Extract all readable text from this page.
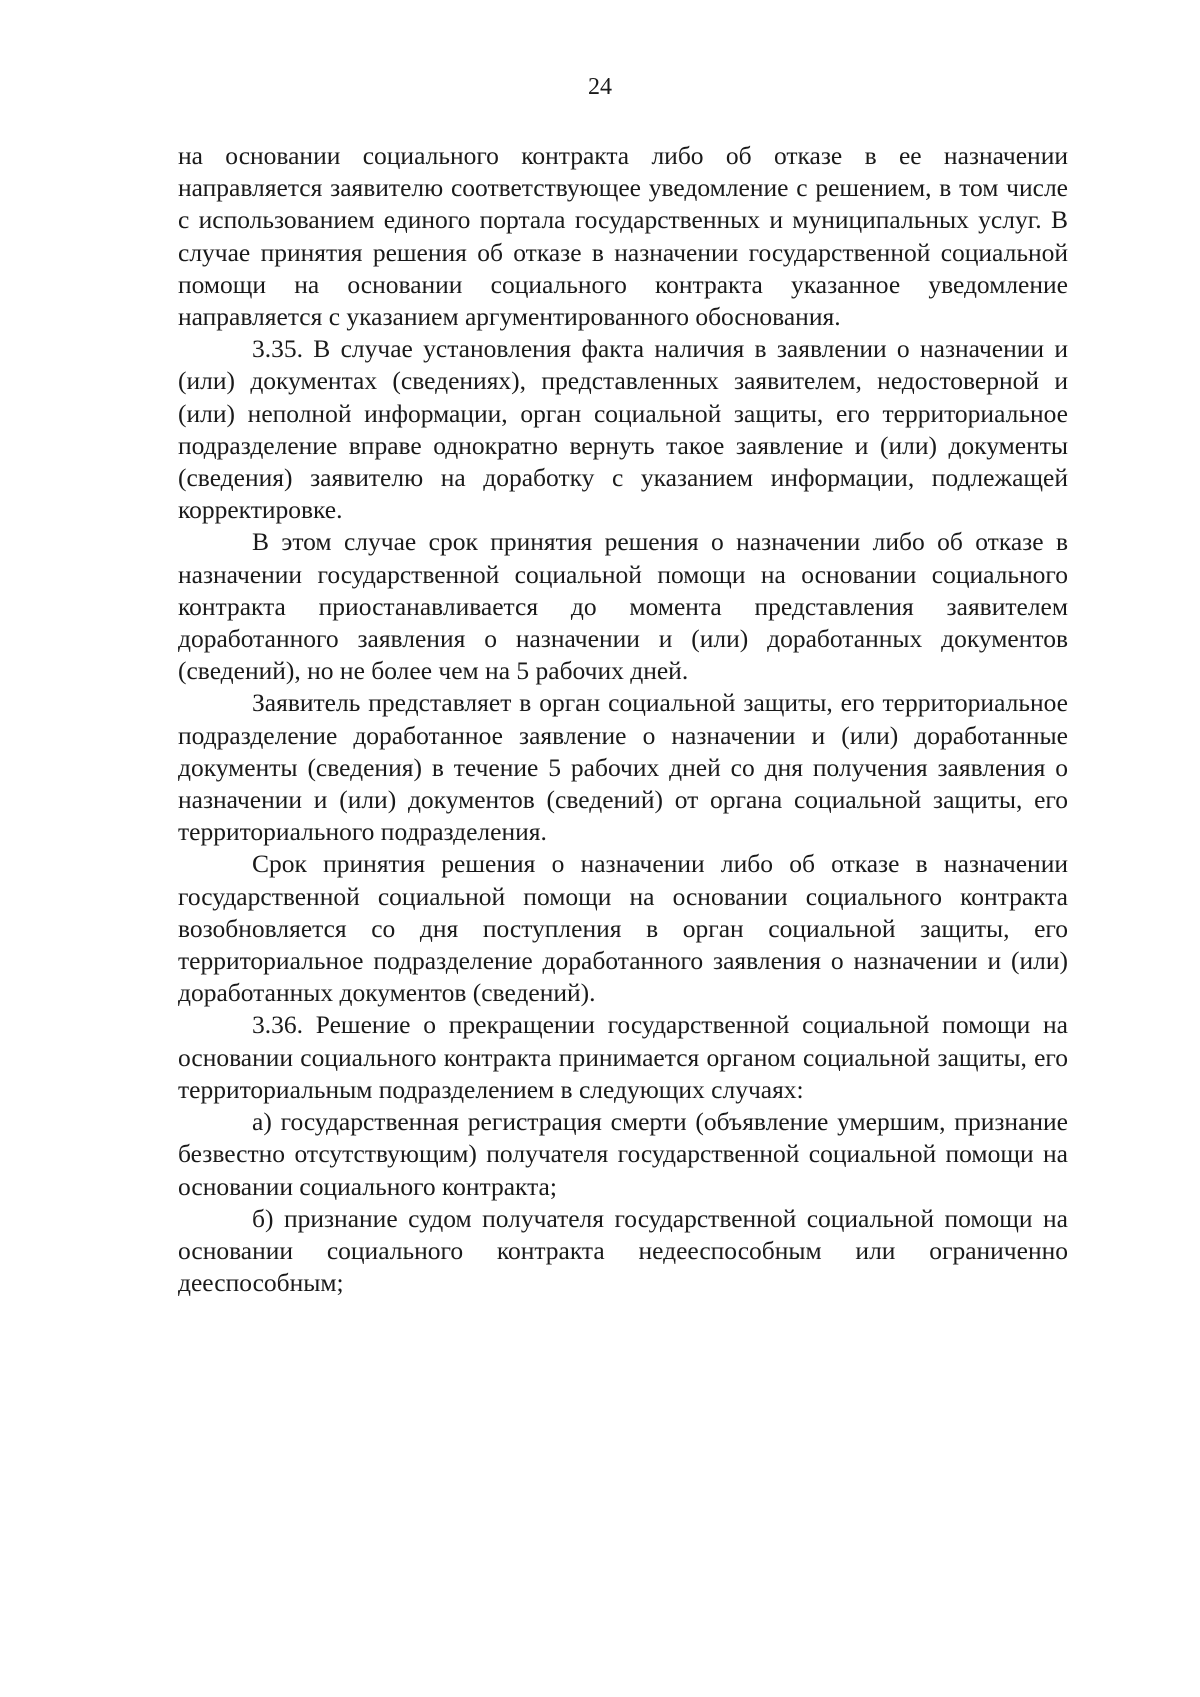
24

на основании социального контракта либо об отказе в ее назначении направляется заявителю соответствующее уведомление с решением, в том числе с использованием единого портала государственных и муниципальных услуг. В случае принятия решения об отказе в назначении государственной социальной помощи на основании социального контракта указанное уведомление направляется с указанием аргументированного обоснования.

3.35. В случае установления факта наличия в заявлении о назначении и (или) документах (сведениях), представленных заявителем, недостоверной и (или) неполной информации, орган социальной защиты, его территориальное подразделение вправе однократно вернуть такое заявление и (или) документы (сведения) заявителю на доработку с указанием информации, подлежащей корректировке.

В этом случае срок принятия решения о назначении либо об отказе в назначении государственной социальной помощи на основании социального контракта приостанавливается до момента представления заявителем доработанного заявления о назначении и (или) доработанных документов (сведений), но не более чем на 5 рабочих дней.

Заявитель представляет в орган социальной защиты, его территориальное подразделение доработанное заявление о назначении и (или) доработанные документы (сведения) в течение 5 рабочих дней со дня получения заявления о назначении и (или) документов (сведений) от органа социальной защиты, его территориального подразделения.

Срок принятия решения о назначении либо об отказе в назначении государственной социальной помощи на основании социального контракта возобновляется со дня поступления в орган социальной защиты, его территориальное подразделение доработанного заявления о назначении и (или) доработанных документов (сведений).

3.36. Решение о прекращении государственной социальной помощи на основании социального контракта принимается органом социальной защиты, его территориальным подразделением в следующих случаях:

а) государственная регистрация смерти (объявление умершим, признание безвестно отсутствующим) получателя государственной социальной помощи на основании социального контракта;

б) признание судом получателя государственной социальной помощи на основании социального контракта недееспособным или ограниченно дееспособным;
